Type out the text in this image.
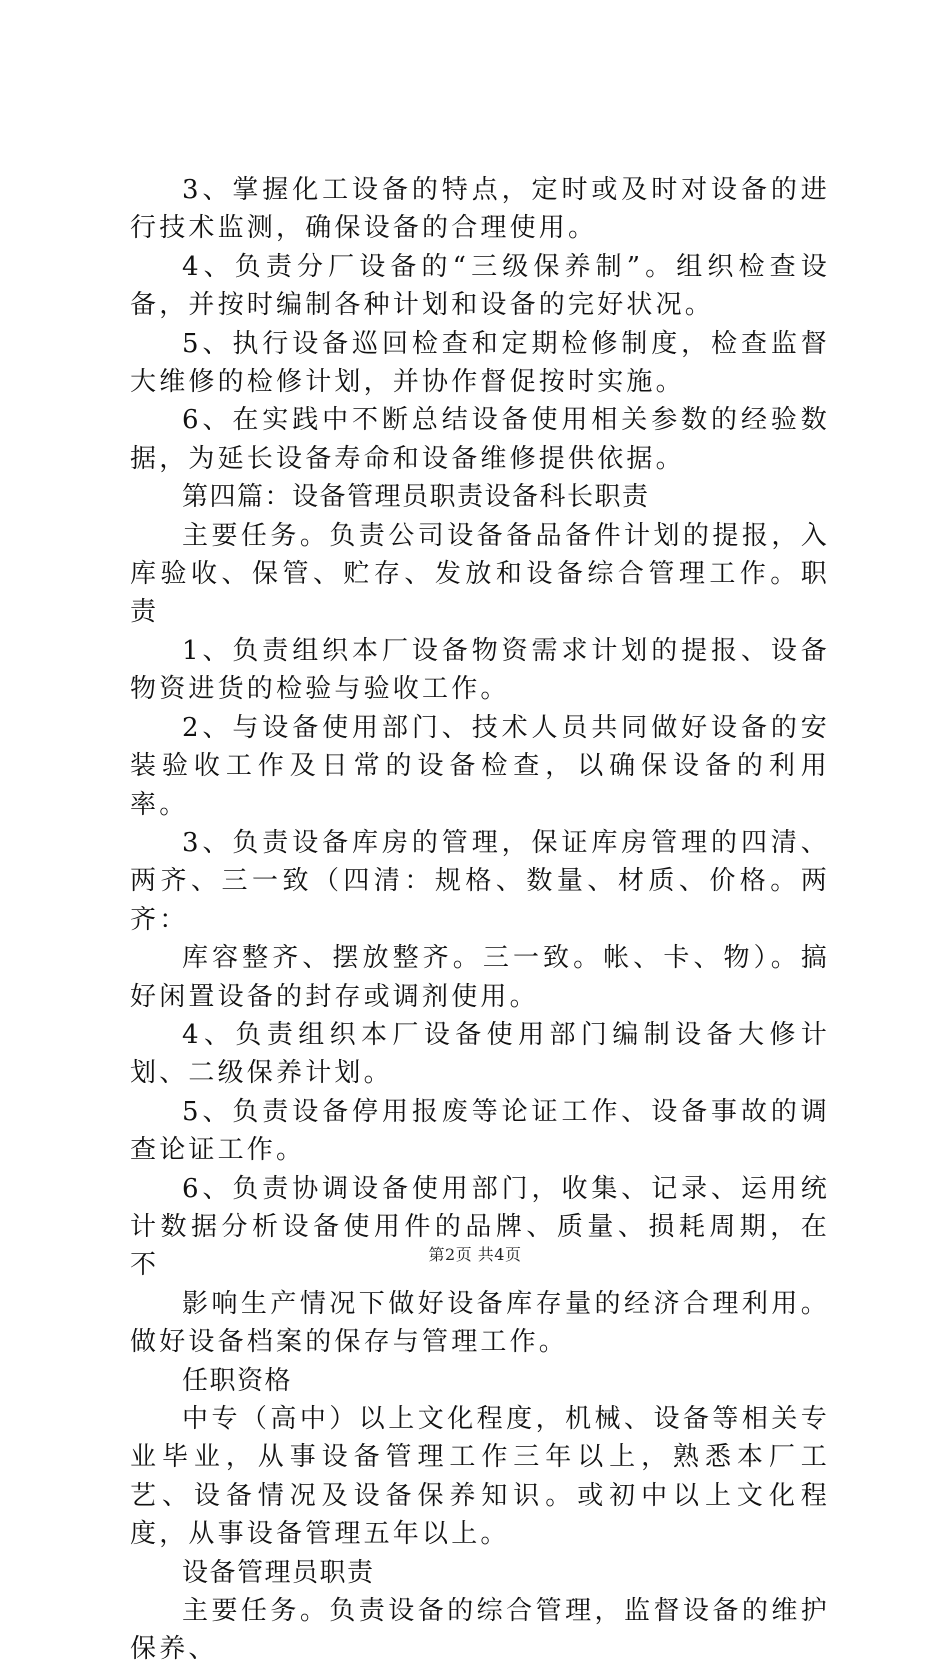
3、掌握化工设备的特点，定时或及时对设备的进行技术监测，确保设备的合理使用。

4、负责分厂设备的“三级保养制”。组织检查设备，并按时编制各种计划和设备的完好状况。

5、执行设备巡回检查和定期检修制度，检查监督大维修的检修计划，并协作督促按时实施。

6、在实践中不断总结设备使用相关参数的经验数据，为延长设备寿命和设备维修提供依据。

第四篇：设备管理员职责设备科长职责

主要任务。负责公司设备备品备件计划的提报，入库验收、保管、贮存、发放和设备综合管理工作。职责

1、负责组织本厂设备物资需求计划的提报、设备物资进货的检验与验收工作。

2、与设备使用部门、技术人员共同做好设备的安装验收工作及日常的设备检查，以确保设备的利用率。

3、负责设备库房的管理，保证库房管理的四清、两齐、三一致（四清：规格、数量、材质、价格。两齐：

库容整齐、摆放整齐。三一致。帐、卡、物）。搞好闲置设备的封存或调剂使用。

4、负责组织本厂设备使用部门编制设备大修计划、二级保养计划。

5、负责设备停用报废等论证工作、设备事故的调查论证工作。

6、负责协调设备使用部门，收集、记录、运用统计数据分析设备使用件的品牌、质量、损耗周期，在不

影响生产情况下做好设备库存量的经济合理利用。做好设备档案的保存与管理工作。

任职资格

中专（高中）以上文化程度，机械、设备等相关专业毕业，从事设备管理工作三年以上，熟悉本厂工艺、设备情况及设备保养知识。或初中以上文化程度，从事设备管理五年以上。

设备管理员职责

主要任务。负责设备的综合管理，监督设备的维护保养、

第2页 共4页
